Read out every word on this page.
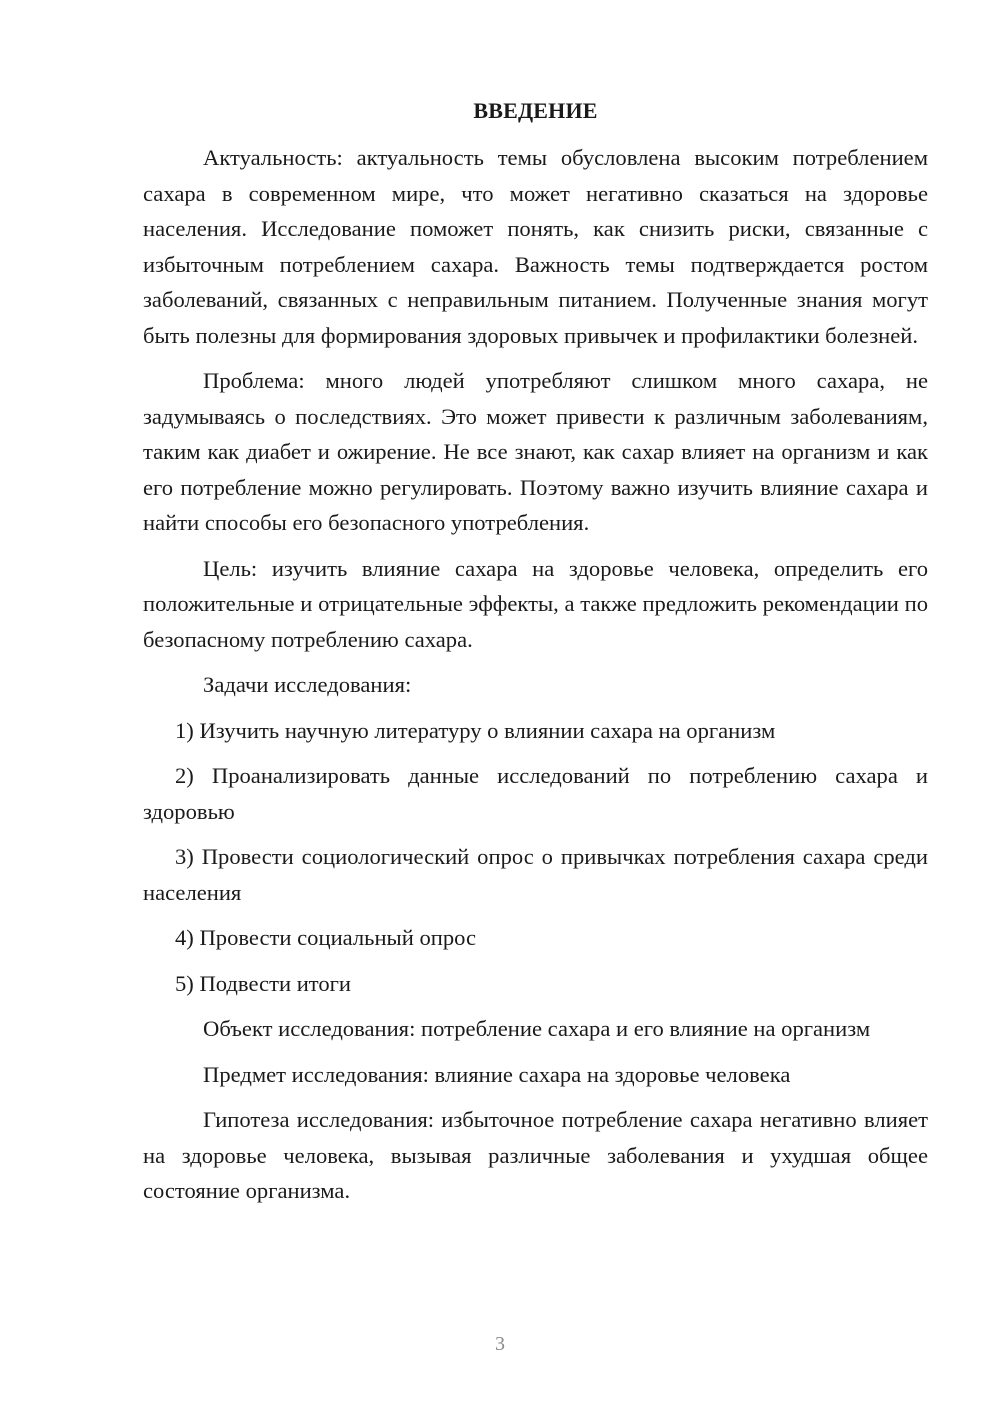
ВВЕДЕНИЕ

Актуальность: актуальность темы обусловлена высоким потреблением сахара в современном мире, что может негативно сказаться на здоровье населения. Исследование поможет понять, как снизить риски, связанные с избыточным потреблением сахара. Важность темы подтверждается ростом заболеваний, связанных с неправильным питанием. Полученные знания могут быть полезны для формирования здоровых привычек и профилактики болезней.

Проблема: много людей употребляют слишком много сахара, не задумываясь о последствиях. Это может привести к различным заболеваниям, таким как диабет и ожирение. Не все знают, как сахар влияет на организм и как его потребление можно регулировать. Поэтому важно изучить влияние сахара и найти способы его безопасного употребления.

Цель: изучить влияние сахара на здоровье человека, определить его положительные и отрицательные эффекты, а также предложить рекомендации по безопасному потреблению сахара.

Задачи исследования:

1) Изучить научную литературу о влиянии сахара на организм

2) Проанализировать данные исследований по потреблению сахара и здоровью

3) Провести социологический опрос о привычках потребления сахара среди населения

4) Провести социальный опрос

5) Подвести итоги

Объект исследования: потребление сахара и его влияние на организм

Предмет исследования: влияние сахара на здоровье человека

Гипотеза исследования: избыточное потребление сахара негативно влияет на здоровье человека, вызывая различные заболевания и ухудшая общее состояние организма.

3
